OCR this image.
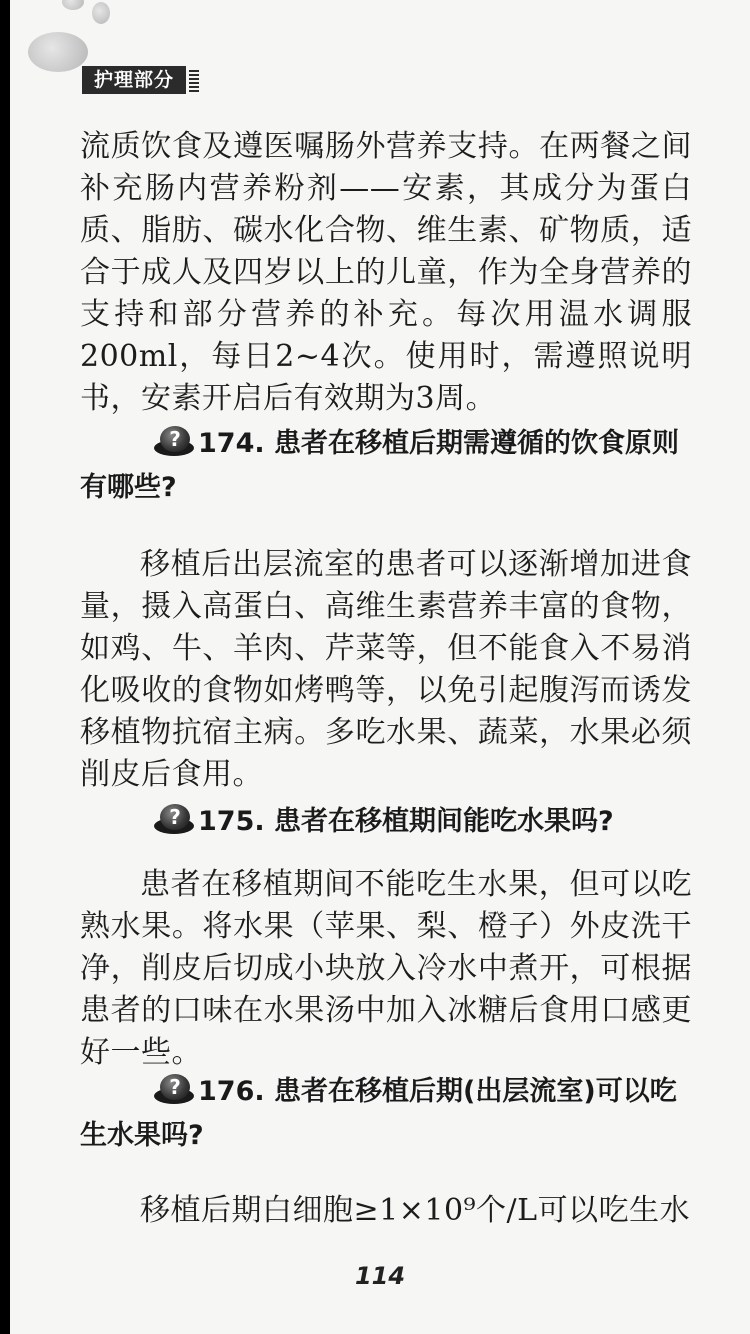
护理部分

流质饮食及遵医嘱肠外营养支持。在两餐之间补充肠内营养粉剂——安素，其成分为蛋白质、脂肪、碳水化合物、维生素、矿物质，适合于成人及四岁以上的儿童，作为全身营养的支持和部分营养的补充。每次用温水调服200ml，每日2~4次。使用时，需遵照说明书，安素开启后有效期为3周。

? 174. 患者在移植后期需遵循的饮食原则有哪些?

移植后出层流室的患者可以逐渐增加进食量，摄入高蛋白、高维生素营养丰富的食物，如鸡、牛、羊肉、芹菜等，但不能食入不易消化吸收的食物如烤鸭等，以免引起腹泻而诱发移植物抗宿主病。多吃水果、蔬菜，水果必须削皮后食用。

? 175. 患者在移植期间能吃水果吗?

患者在移植期间不能吃生水果，但可以吃熟水果。将水果（苹果、梨、橙子）外皮洗干净，削皮后切成小块放入冷水中煮开，可根据患者的口味在水果汤中加入冰糖后食用口感更好一些。

? 176. 患者在移植后期(出层流室)可以吃生水果吗?

移植后期白细胞≥1×10⁹个/L可以吃生水

114
